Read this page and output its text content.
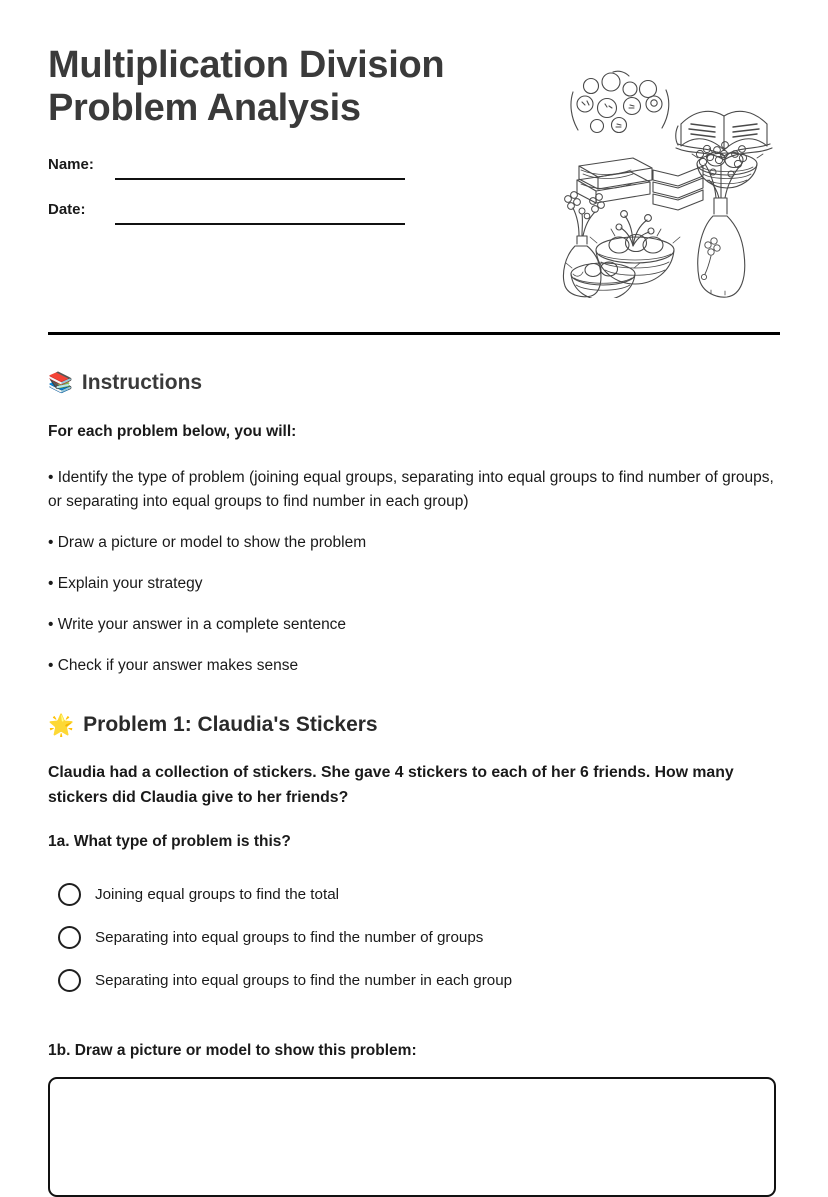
Multiplication Division Problem Analysis
Name:
Date:
📚 Instructions
For each problem below, you will:
• Identify the type of problem (joining equal groups, separating into equal groups to find number of groups, or separating into equal groups to find number in each group)
• Draw a picture or model to show the problem
• Explain your strategy
• Write your answer in a complete sentence
• Check if your answer makes sense
🌟 Problem 1: Claudia's Stickers
Claudia had a collection of stickers. She gave 4 stickers to each of her 6 friends. How many stickers did Claudia give to her friends?
1a. What type of problem is this?
Joining equal groups to find the total
Separating into equal groups to find the number of groups
Separating into equal groups to find the number in each group
1b. Draw a picture or model to show this problem:
